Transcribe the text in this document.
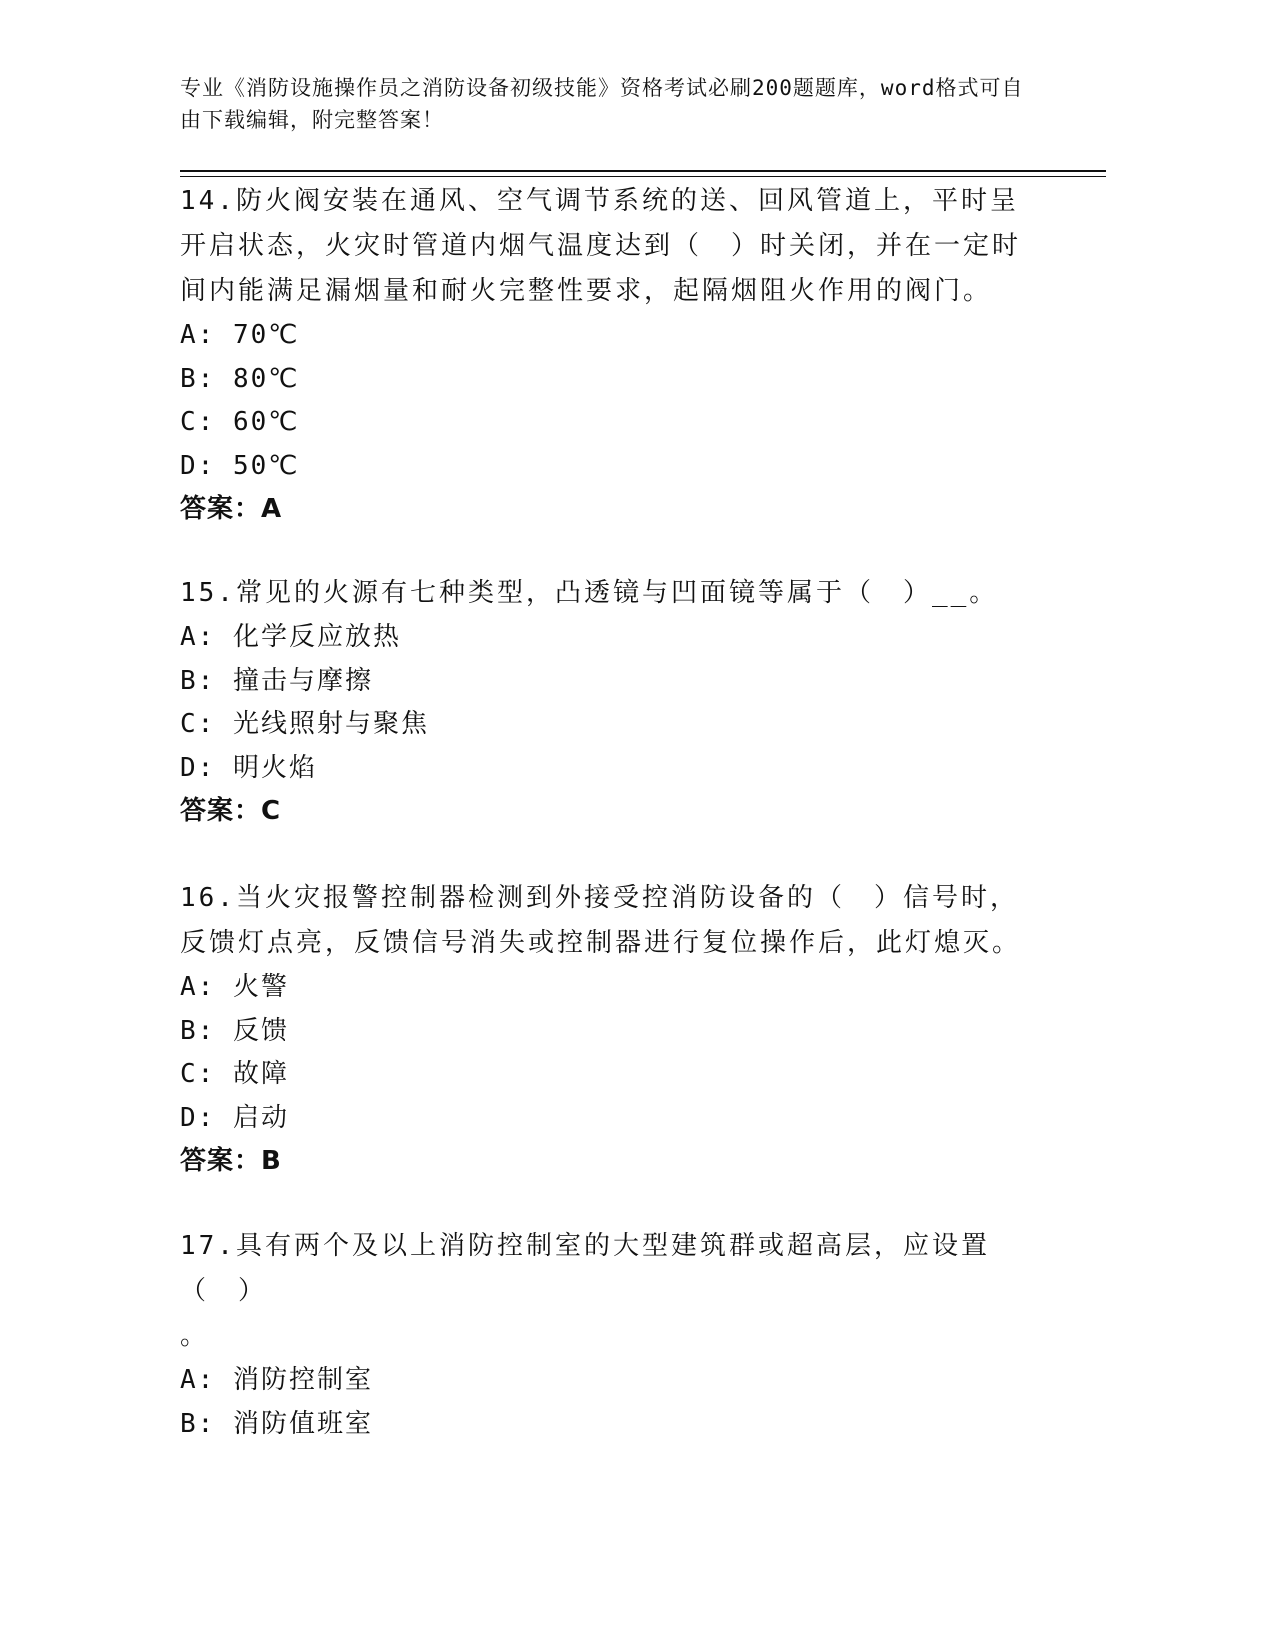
专业《消防设施操作员之消防设备初级技能》资格考试必刷200题题库，word格式可自由下载编辑，附完整答案！
14.防火阀安装在通风、空气调节系统的送、回风管道上，平时呈开启状态，火灾时管道内烟气温度达到（　）时关闭，并在一定时间内能满足漏烟量和耐火完整性要求，起隔烟阻火作用的阀门。
A: 70℃
B: 80℃
C: 60℃
D: 50℃
答案：A
15.常见的火源有七种类型，凸透镜与凹面镜等属于（　）__。
A: 化学反应放热
B: 撞击与摩擦
C: 光线照射与聚焦
D: 明火焰
答案：C
16.当火灾报警控制器检测到外接受控消防设备的（　）信号时，反馈灯点亮，反馈信号消失或控制器进行复位操作后，此灯熄灭。
A: 火警
B: 反馈
C: 故障
D: 启动
答案：B
17.具有两个及以上消防控制室的大型建筑群或超高层，应设置（　）
。
A: 消防控制室
B: 消防值班室
